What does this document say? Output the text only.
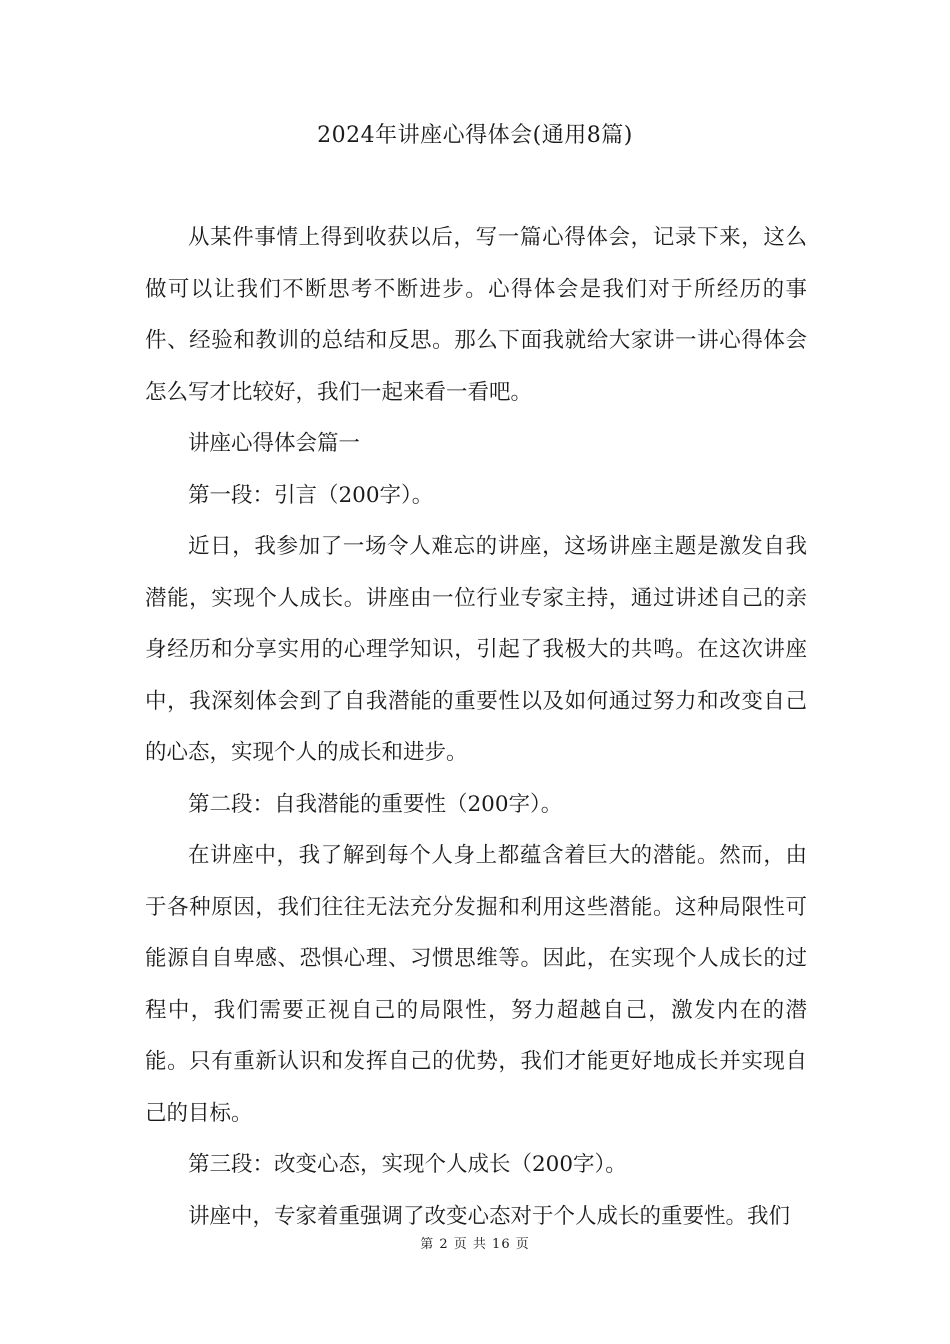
2024年讲座心得体会(通用8篇)

从某件事情上得到收获以后，写一篇心得体会，记录下来，这么做可以让我们不断思考不断进步。心得体会是我们对于所经历的事件、经验和教训的总结和反思。那么下面我就给大家讲一讲心得体会怎么写才比较好，我们一起来看一看吧。

讲座心得体会篇一

第一段：引言（200字）。

近日，我参加了一场令人难忘的讲座，这场讲座主题是激发自我潜能，实现个人成长。讲座由一位行业专家主持，通过讲述自己的亲身经历和分享实用的心理学知识，引起了我极大的共鸣。在这次讲座中，我深刻体会到了自我潜能的重要性以及如何通过努力和改变自己的心态，实现个人的成长和进步。

第二段：自我潜能的重要性（200字）。

在讲座中，我了解到每个人身上都蕴含着巨大的潜能。然而，由于各种原因，我们往往无法充分发掘和利用这些潜能。这种局限性可能源自自卑感、恐惧心理、习惯思维等。因此，在实现个人成长的过程中，我们需要正视自己的局限性，努力超越自己，激发内在的潜能。只有重新认识和发挥自己的优势，我们才能更好地成长并实现自己的目标。

第三段：改变心态，实现个人成长（200字）。

讲座中，专家着重强调了改变心态对于个人成长的重要性。我们

第 2 页 共 16 页
